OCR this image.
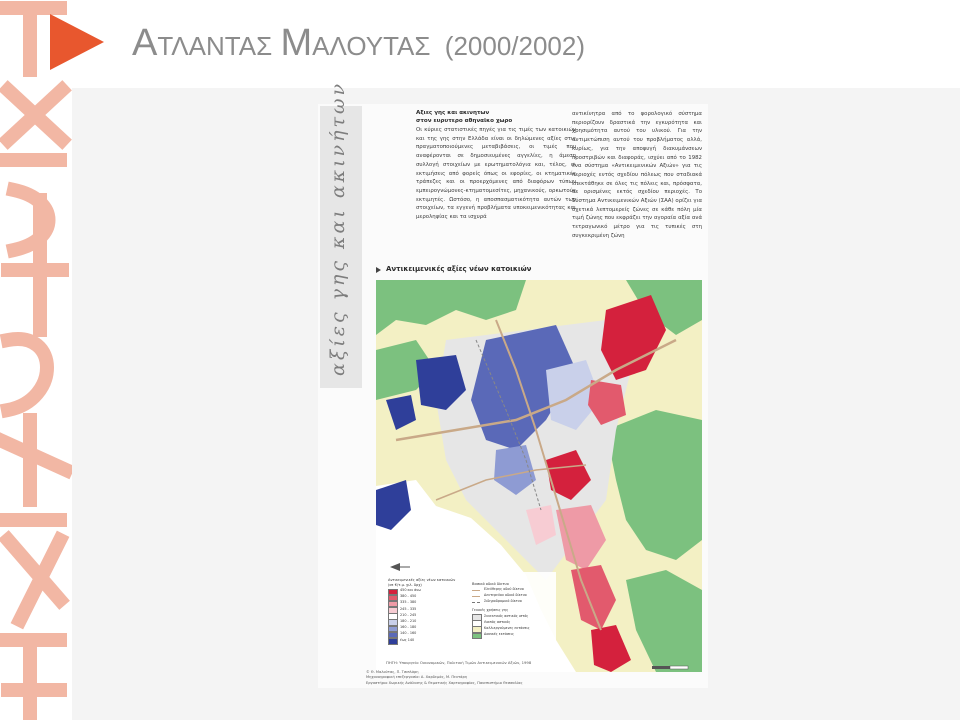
ΑΤΛΑΝΤΑΣ ΜΑΛΟΥΤΑΣ (2000/2002)
αξίες γης και ακινήτων	Αξιες γης και ακινητων
στον ευρυτερο αθηναϊκο χωρο
Οι κύριες στατιστικές πηγές για τις τιμές των κατοικιών και της γης στην Ελλάδα είναι οι δηλώμενες αξίες στις πραγματοποιούμενες μεταβιβάσεις, οι τιμές που αναφέρονται σε δημοσιευμένες αγγελίες, η άμεση συλλογή στοιχείων με ερωτηματολόγια και, τέλος, οι εκτιμήσεις από φορείς όπως οι εφορίες, οι κτηματικές τράπεζες και οι προερχόμενες από διαφόρων τύπων εμπειρογνώμονες-κτηματομεσίτες, μηχανικούς, ορκωτούς εκτιμητές. Ωστόσο, η αποσπασματικότητα αυτών των στοιχείων, τα εγγενή προβλήματα υποκειμενικότητας και μεροληψίας και τα ισχυρά
αντικίνητρα από το φορολογικό σύστημα περιορίζουν δραστικά την εγκυρότητα και χρησιμότητα αυτού του υλικού. Για την αντιμετώπιση αυτού του προβλήματος αλλά, κυρίως, για την αποφυγή διακυμάνσεων προστριβών και διαφοράς, ισχύει από το 1982 ένα σύστημα «Αντικειμενικών Αξιών» για τις περιοχές εντός σχεδίου πόλεως που σταδιακά επεκτάθηκε σε όλες τις πόλεις και, πρόσφατα, σε ορισμένες εκτός σχεδίου περιοχές. Το Σύστημα Αντικειμενικών Αξιών (ΣΑΑ) ορίζει για σχετικά λεπτομερείς ζώνες σε κάθε πόλη μία τιμή ζώνης που εκφράζει την αγοραία αξία ανά τετραγωνικό μέτρο για τις τυπικές στη συγκεκριμένη ζώνη
Αντικειμενικές αξίες νέων κατοικιών
Αντικειμενικές αξίες νέων κατοικιών
(σε €/τ.μ. χιλ. δρχ)
450 και άνω
380 - 450
335 - 380
245 - 335
210 - 245
180 - 210
160 - 180
140 - 160
έως 140
Βασικό οδικό δίκτυο
Ελεύθερης οδού δίκτυο
Δευτερεύον οδικό δίκτυο
Σιδηροδρομικό δίκτυο
Γενικές χρήσεις γης
Συνεκτικός αστικός ιστός
Λοιπός αστικός
Καλλιεργούμενες εκτάσεις
Δασικές εκτάσεις
ΠΗΓΗ: Υπουργείο Οικονομικών, Πολιτική Τιμών Αντικειμενικών Αξιών, 1998
© Θ. Μαλούτας, Π. Τσιπλάρη
Μηχανογραφική επεξεργασία: Α. Χαρδεμάς, Μ. Πεντάρη
Εργαστήριο Χωρικής Ανάλυσης & Θεματικής Χαρτογραφίας, Πανεπιστήμιο Θεσσαλίας
